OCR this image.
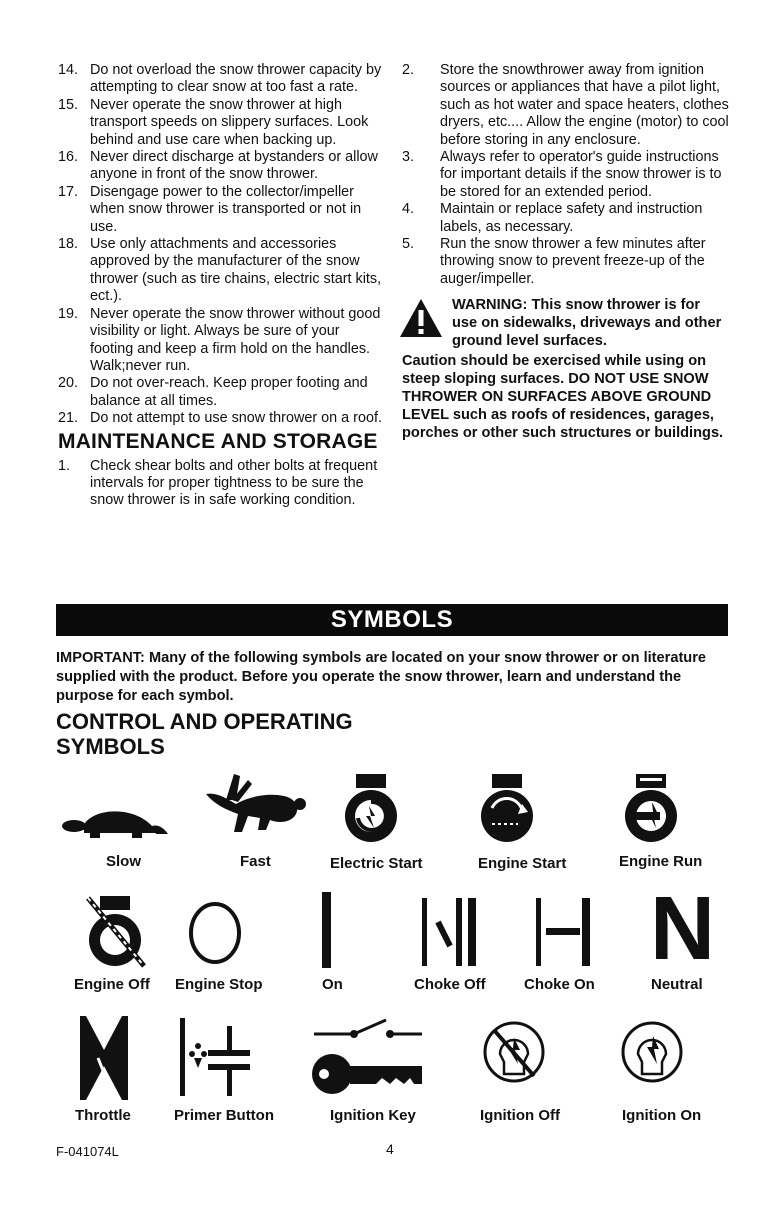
14. Do not overload the snow thrower capacity by attempting to clear snow at too fast a rate.
15. Never operate the snow thrower at high transport speeds on slippery surfaces. Look behind and use care when backing up.
16. Never direct discharge at bystanders or allow anyone in front of the snow thrower.
17. Disengage power to the collector/impeller when snow thrower is transported or not in use.
18. Use only attachments and accessories approved by the manufacturer of the snow thrower (such as tire chains, electric start kits, ect.).
19. Never operate the snow thrower without good visibility or light. Always be sure of your footing and keep a firm hold on the handles. Walk;never run.
20. Do not over-reach. Keep proper footing and balance at all times.
21. Do not attempt to use snow thrower on a roof.
MAINTENANCE AND STORAGE
1. Check shear bolts and other bolts at frequent intervals for proper tightness to be sure the snow thrower is in safe working condition.
2. Store the snowthrower away from ignition sources or appliances that have a pilot light, such as hot water and space heaters, clothes dryers, etc.... Allow the engine (motor) to cool before storing in any enclosure.
3. Always refer to operator's guide instructions for important details if the snow thrower is to be stored for an extended period.
4. Maintain or replace safety and instruction labels, as necessary.
5. Run the snow thrower a few minutes after throwing snow to prevent freeze-up of the auger/impeller.
WARNING: This snow thrower is for use on sidewalks, driveways and other ground level surfaces.
Caution should be exercised while using on steep sloping surfaces. DO NOT USE SNOW THROWER ON SURFACES ABOVE GROUND LEVEL such as roofs of residences, garages, porches or other such structures or buildings.
SYMBOLS
IMPORTANT: Many of the following symbols are located on your snow thrower or on literature supplied with the product. Before you operate the snow thrower, learn and understand the purpose for each symbol.
CONTROL AND OPERATING
SYMBOLS
Slow	Fast	Electric Start	Engine Start	Engine Run
Engine Off Engine Stop	On	Choke Off	Choke On
N
Neutral
Throttle	Primer Button	Ignition Key	Ignition Off	Ignition On
F-041074L	4
